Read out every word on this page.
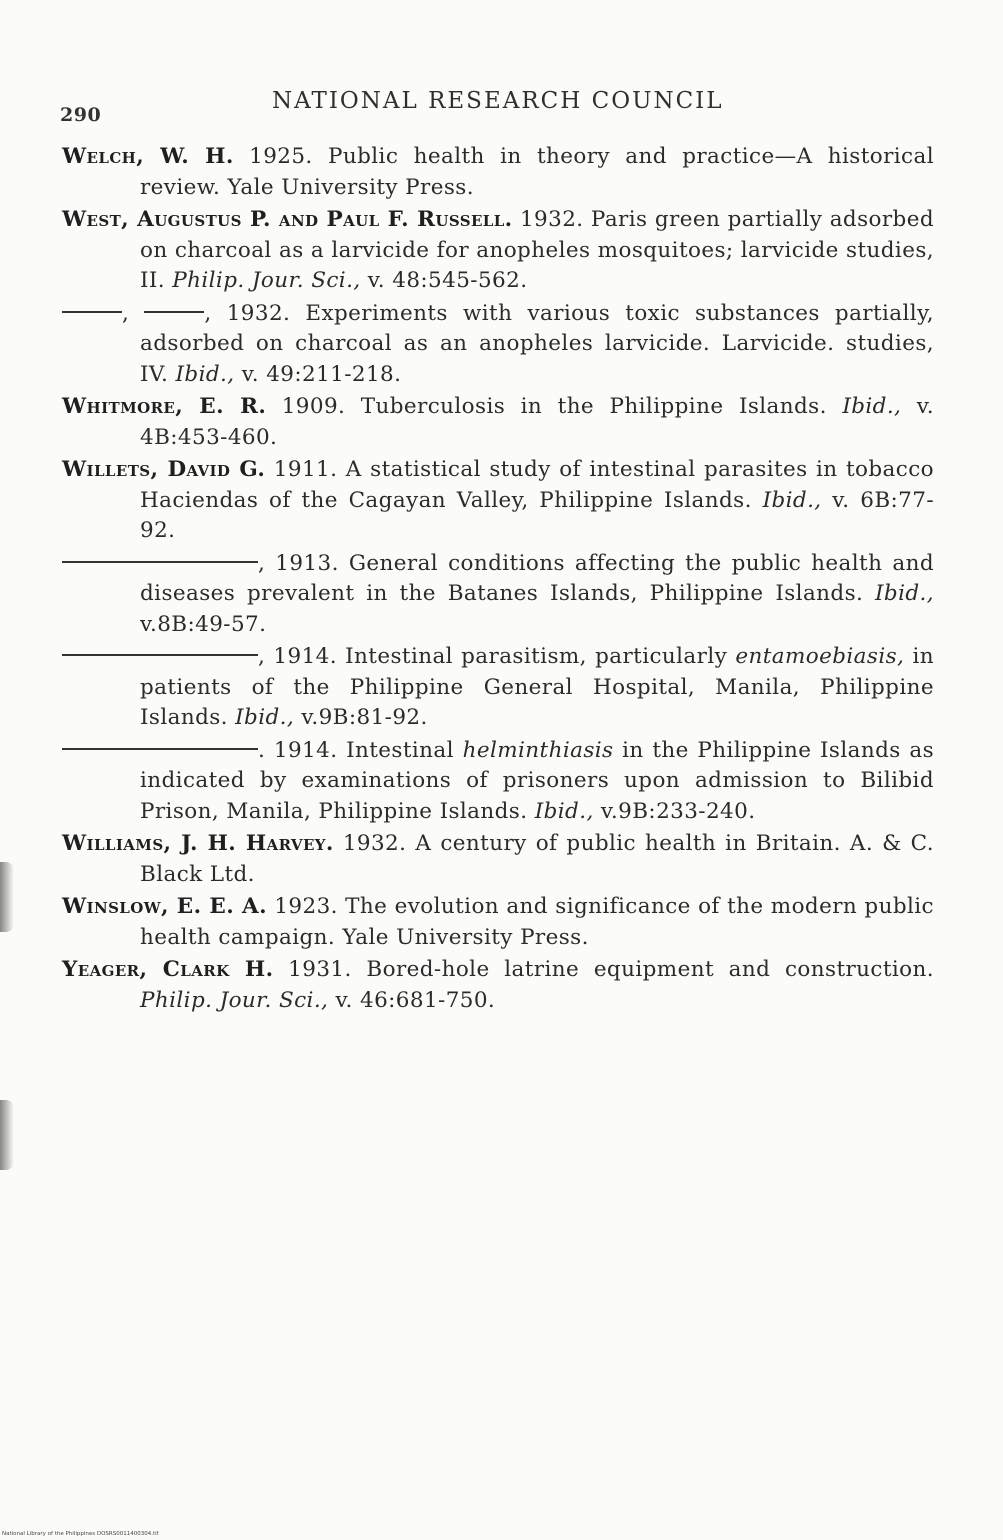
290
NATIONAL RESEARCH COUNCIL

Welch, W. H. 1925. Public health in theory and practice—A historical review. Yale University Press.

West, Augustus P. and Paul F. Russell. 1932. Paris green partially adsorbed on charcoal as a larvicide for anopheles mosquitoes; larvicide studies, II. Philip. Jour. Sci., v. 48:545-562.

,	, 1932. Experiments with various toxic substances partially, adsorbed on charcoal as an anopheles larvicide. Larvicide. studies, IV. Ibid., v. 49:211-218.

Whitmore, E. R. 1909. Tuberculosis in the Philippine Islands. Ibid., v. 4B:453-460.

Willets, David G. 1911. A statistical study of intestinal parasites in tobacco Haciendas of the Cagayan Valley, Philippine Islands. Ibid., v. 6B:77-92.

, 1913. General conditions affecting the public health and diseases prevalent in the Batanes Islands, Philippine Islands. Ibid., v.8B:49-57.

, 1914. Intestinal parasitism, particularly entamoebiasis, in patients of the Philippine General Hospital, Manila, Philippine Islands. Ibid., v.9B:81-92.

. 1914. Intestinal helminthiasis in the Philippine Islands as indicated by examinations of prisoners upon admission to Bilibid Prison, Manila, Philippine Islands. Ibid., v.9B:233-240.

Williams, J. H. Harvey. 1932. A century of public health in Britain. A. & C. Black Ltd.

Winslow, E. E. A. 1923. The evolution and significance of the modern public health campaign. Yale University Press.

Yeager, Clark H. 1931. Bored-hole latrine equipment and construction. Philip. Jour. Sci., v. 46:681-750.

National Library of the Philippines DOSRS0011400304.tif
